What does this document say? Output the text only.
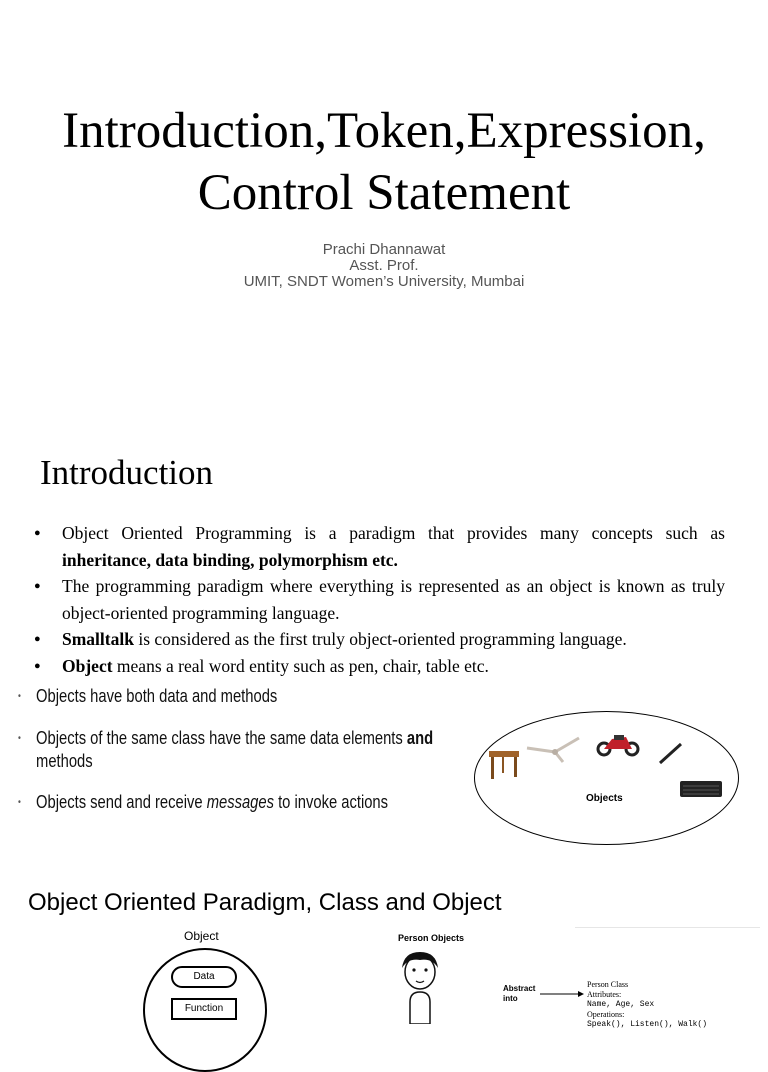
Introduction,Token,Expression,
Control Statement
Prachi Dhannawat
Asst. Prof.
UMIT, SNDT Women’s University, Mumbai
Introduction
● Object Oriented Programming is a paradigm that provides many concepts such as inheritance, data binding, polymorphism etc.
● The programming paradigm where everything is represented as an object is known as truly object-oriented programming language.
● Smalltalk is considered as the first truly object-oriented programming language.
● Object means a real word entity such as pen, chair, table etc.
• Objects have both data and methods
• Objects of the same class have the same data elements and
methods
• Objects send and receive messages to invoke actions	Objects
Object Oriented Paradigm, Class and Object
Object
Data
Function
Person Objects
Abstract
into
Person Class
Attributes:
Name, Age, Sex
Operations:
Speak(), Listen(), Walk()
